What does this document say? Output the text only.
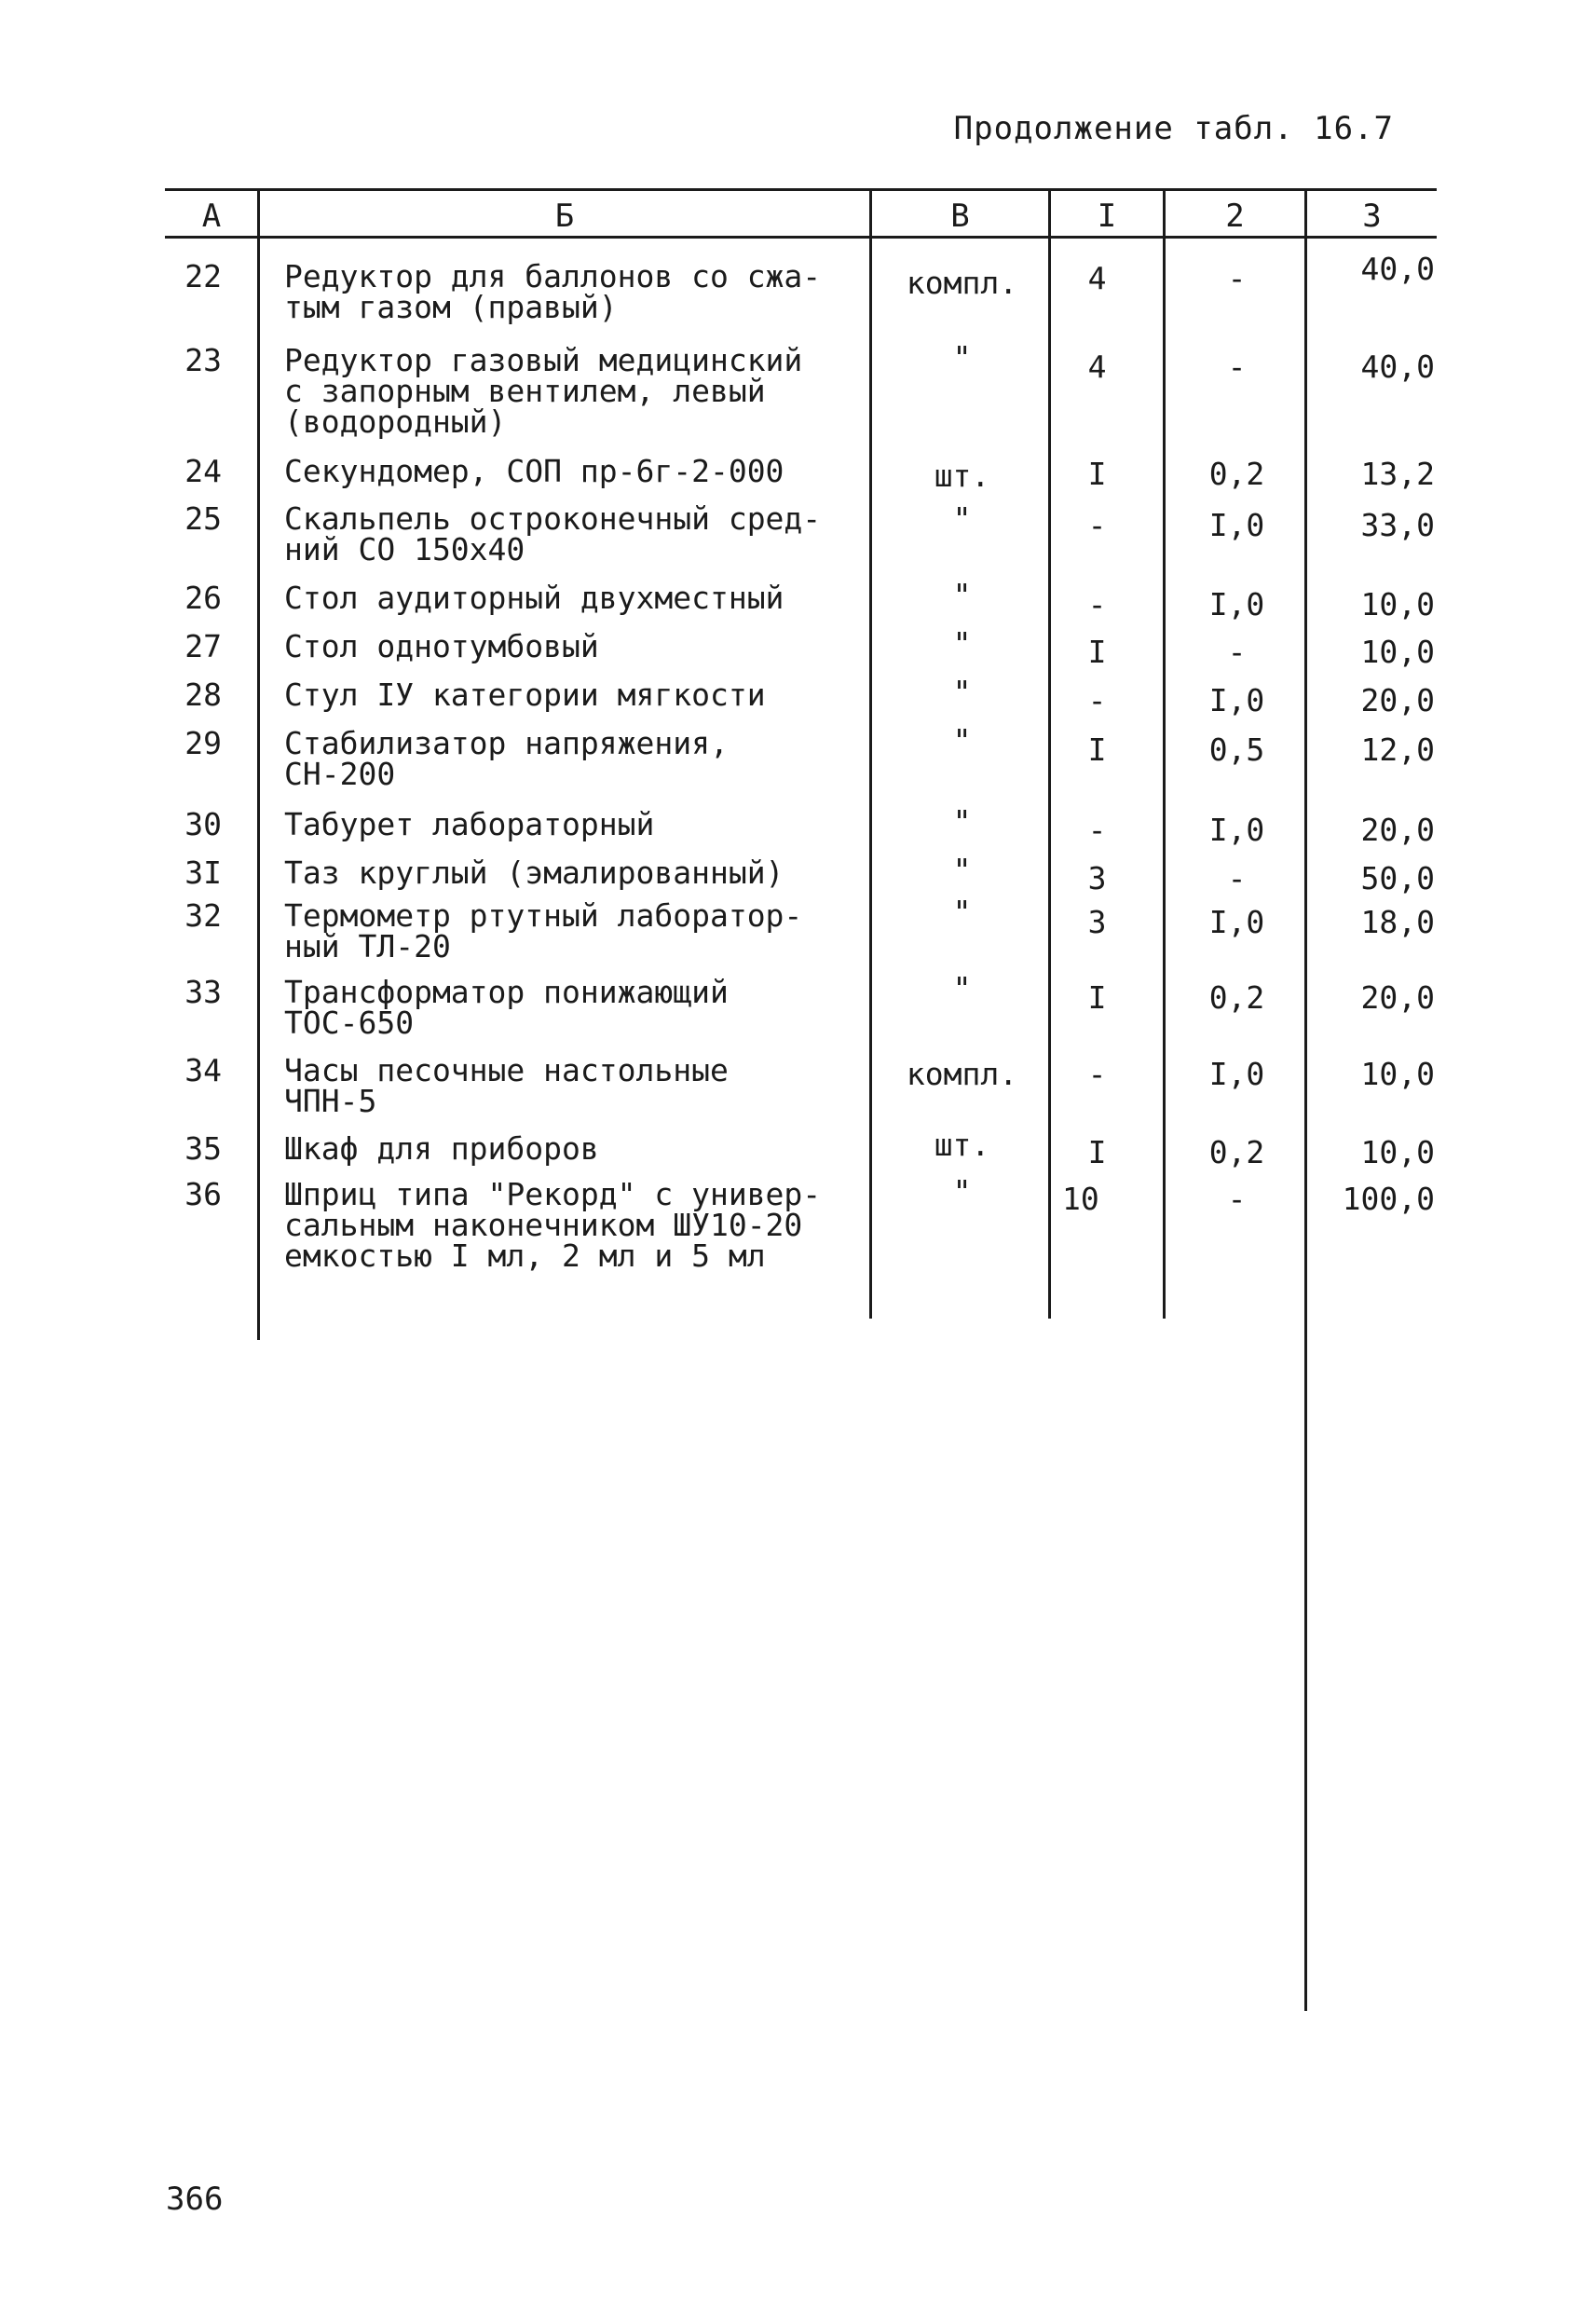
Продолжение табл. 16.7
А	Б	В	I	2	3
22 Редуктор для баллонов со сжа-
тым газом (правый)
компл.	4	-	40,0
23 Редуктор газовый медицинский
с запорным вентилем, левый
(водородный)
"	4	-	40,0
24 Секундомер, СОП пр-6г-2-000	шт.	I	0,2	13,2
25 Скальпель остроконечный сред-
ний СО 150х40
"	-	I,0	33,0
26 Стол аудиторный двухместный	"	-	I,0	10,0
27 Стол однотумбовый	"	I	-	10,0
28 Стул IУ категории мягкости	"	-	I,0	20,0
29 Стабилизатор напряжения,
СН-200
"	I	0,5	12,0
30 Табурет лабораторный	"	-	I,0	20,0
3I Таз круглый (эмалированный)	"	3	-	50,0
32 Термометр ртутный лаборатор-
ный ТЛ-20
"	3	I,0	18,0
33 Трансформатор понижающий
ТОС-650
"	I	0,2	20,0
34 Часы песочные настольные
ЧПН-5
компл.	-	I,0	10,0
35 Шкаф для приборов	шт.	I	0,2	10,0
36 Шприц типа "Рекорд" с универ-
сальным наконечником ШУ10-20
емкостью I мл, 2 мл и 5 мл
"	10	-	100,0
366
